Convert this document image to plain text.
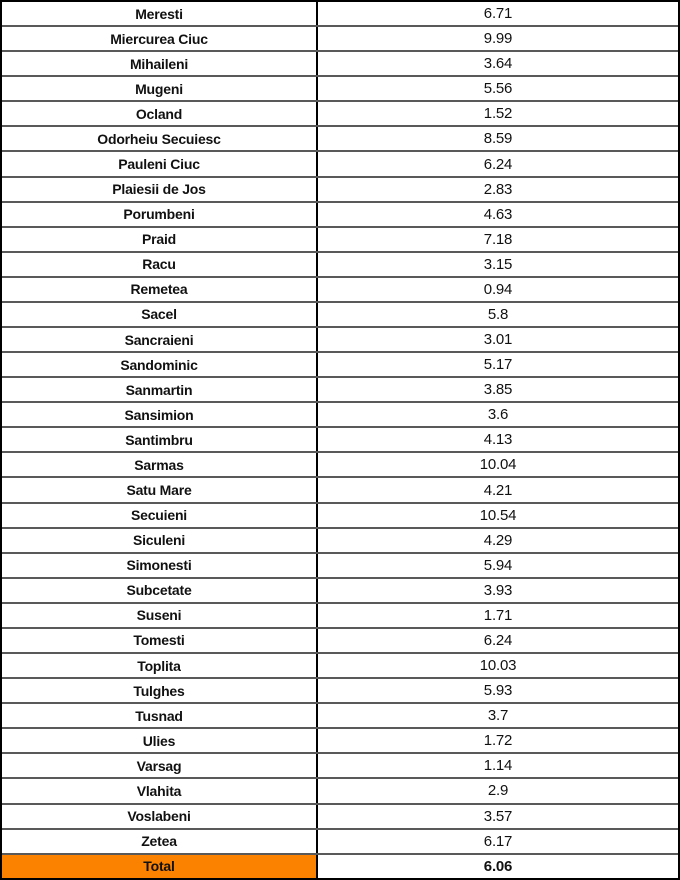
Meresti	6.71
Miercurea Ciuc	9.99
Mihaileni	3.64
Mugeni	5.56
Ocland	1.52
Odorheiu Secuiesc	8.59
Pauleni Ciuc	6.24
Plaiesii de Jos	2.83
Porumbeni	4.63
Praid	7.18
Racu	3.15
Remetea	0.94
Sacel	5.8
Sancraieni	3.01
Sandominic	5.17
Sanmartin	3.85
Sansimion	3.6
Santimbru	4.13
Sarmas	10.04
Satu Mare	4.21
Secuieni	10.54
Siculeni	4.29
Simonesti	5.94
Subcetate	3.93
Suseni	1.71
Tomesti	6.24
Toplita	10.03
Tulghes	5.93
Tusnad	3.7
Ulies	1.72
Varsag	1.14
Vlahita	2.9
Voslabeni	3.57
Zetea	6.17
Total	6.06
